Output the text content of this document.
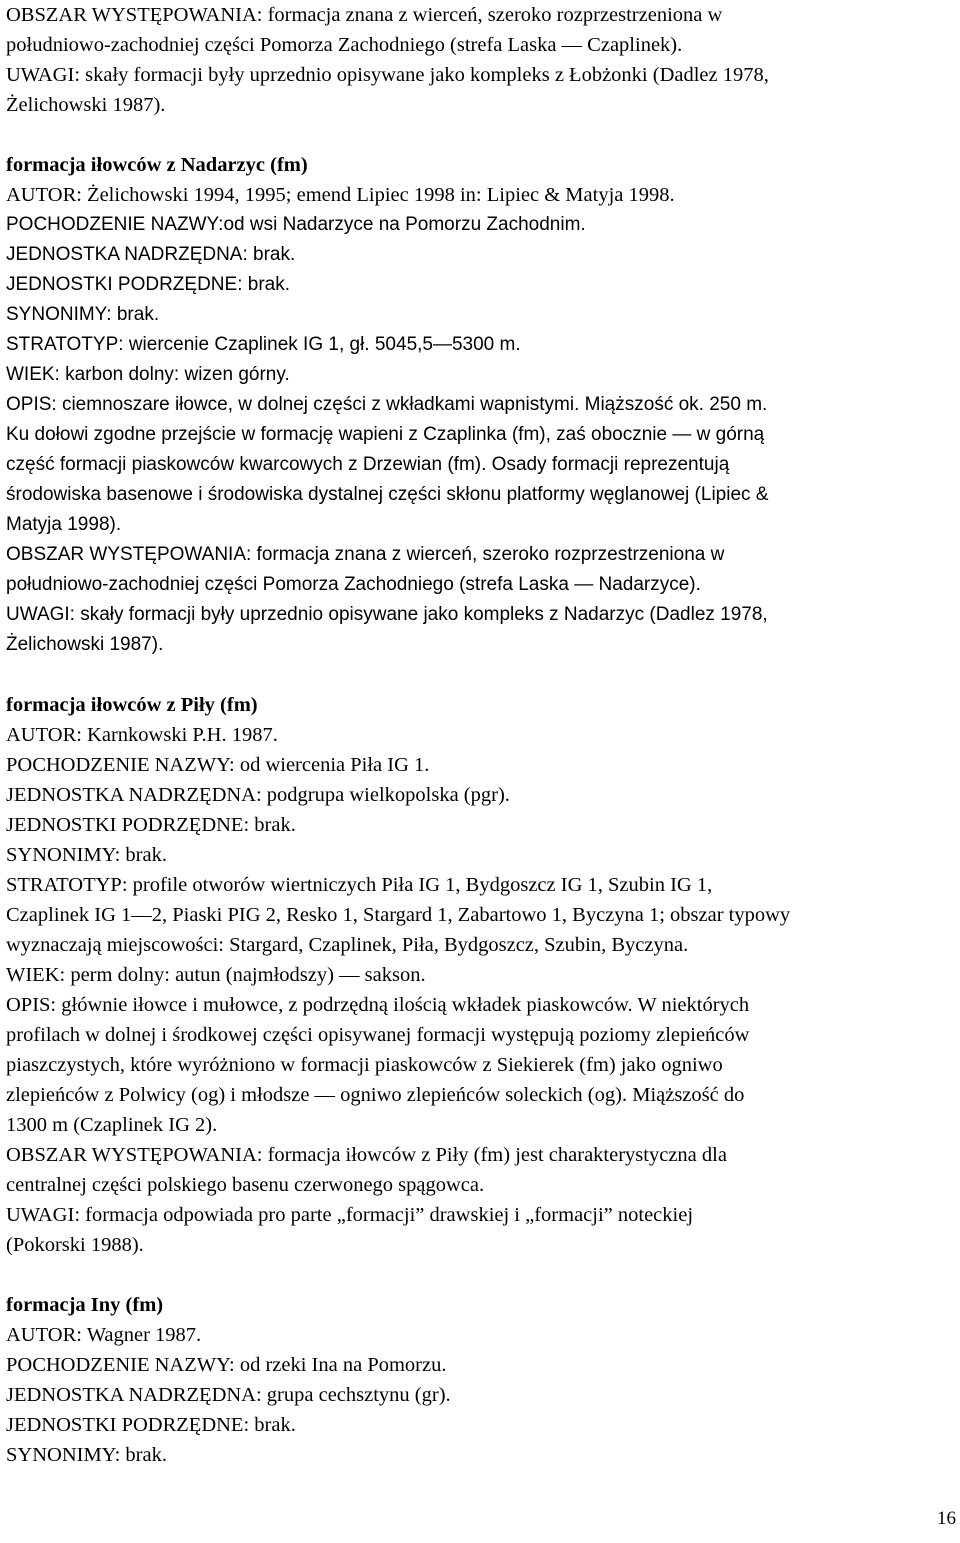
OBSZAR WYSTĘPOWANIA: formacja znana z wierceń, szeroko rozprzestrzeniona w
południowo-zachodniej części Pomorza Zachodniego (strefa Laska — Czaplinek).
UWAGI: skały formacji były uprzednio opisywane jako kompleks z Łobżonki (Dadlez 1978,
Żelichowski 1987).
formacja iłowców z Nadarzyc (fm)
AUTOR: Żelichowski 1994, 1995; emend Lipiec 1998 in: Lipiec & Matyja 1998.
POCHODZENIE NAZWY:od wsi Nadarzyce na Pomorzu Zachodnim.
JEDNOSTKA NADRZĘDNA: brak.
JEDNOSTKI PODRZĘDNE: brak.
SYNONIMY: brak.
STRATOTYP: wiercenie Czaplinek IG 1, gł. 5045,5—5300 m.
WIEK: karbon dolny: wizen górny.
OPIS: ciemnoszare iłowce, w dolnej części z wkładkami wapnistymi. Miąższość ok. 250 m.
Ku dołowi zgodne przejście w formację wapieni z Czaplinka (fm), zaś obocznie — w górną
część formacji piaskowców kwarcowych z Drzewian (fm). Osady formacji reprezentują
środowiska basenowe i środowiska dystalnej części skłonu platformy węglanowej (Lipiec &
Matyja 1998).
OBSZAR WYSTĘPOWANIA: formacja znana z wierceń, szeroko rozprzestrzeniona w
południowo-zachodniej części Pomorza Zachodniego (strefa Laska — Nadarzyce).
UWAGI: skały formacji były uprzednio opisywane jako kompleks z Nadarzyc (Dadlez 1978,
Żelichowski 1987).
formacja iłowców z Piły (fm)
AUTOR: Karnkowski P.H. 1987.
POCHODZENIE NAZWY: od wiercenia Piła IG 1.
JEDNOSTKA NADRZĘDNA: podgrupa wielkopolska (pgr).
JEDNOSTKI PODRZĘDNE: brak.
SYNONIMY: brak.
STRATOTYP: profile otworów wiertniczych Piła IG 1, Bydgoszcz IG 1, Szubin IG 1,
Czaplinek IG 1—2, Piaski PIG 2, Resko 1, Stargard 1, Zabartowo 1, Byczyna 1; obszar typowy
wyznaczają miejscowości: Stargard, Czaplinek, Piła, Bydgoszcz, Szubin, Byczyna.
WIEK: perm dolny: autun (najmłodszy) — sakson.
OPIS: głównie iłowce i mułowce, z podrzędną ilością wkładek piaskowców. W niektórych
profilach w dolnej i środkowej części opisywanej formacji występują poziomy zlepieńców
piaszczystych, które wyróżniono w formacji piaskowców z Siekierek (fm) jako ogniwo
zlepieńców z Polwicy (og) i młodsze — ogniwo zlepieńców soleckich (og). Miąższość do
1300 m (Czaplinek IG 2).
OBSZAR WYSTĘPOWANIA: formacja iłowców z Piły (fm) jest charakterystyczna dla
centralnej części polskiego basenu czerwonego spągowca.
UWAGI: formacja odpowiada pro parte „formacji” drawskiej i „formacji” noteckiej
(Pokorski 1988).
formacja Iny (fm)
AUTOR: Wagner 1987.
POCHODZENIE NAZWY: od rzeki Ina na Pomorzu.
JEDNOSTKA NADRZĘDNA: grupa cechsztynu (gr).
JEDNOSTKI PODRZĘDNE: brak.
SYNONIMY: brak.
16
